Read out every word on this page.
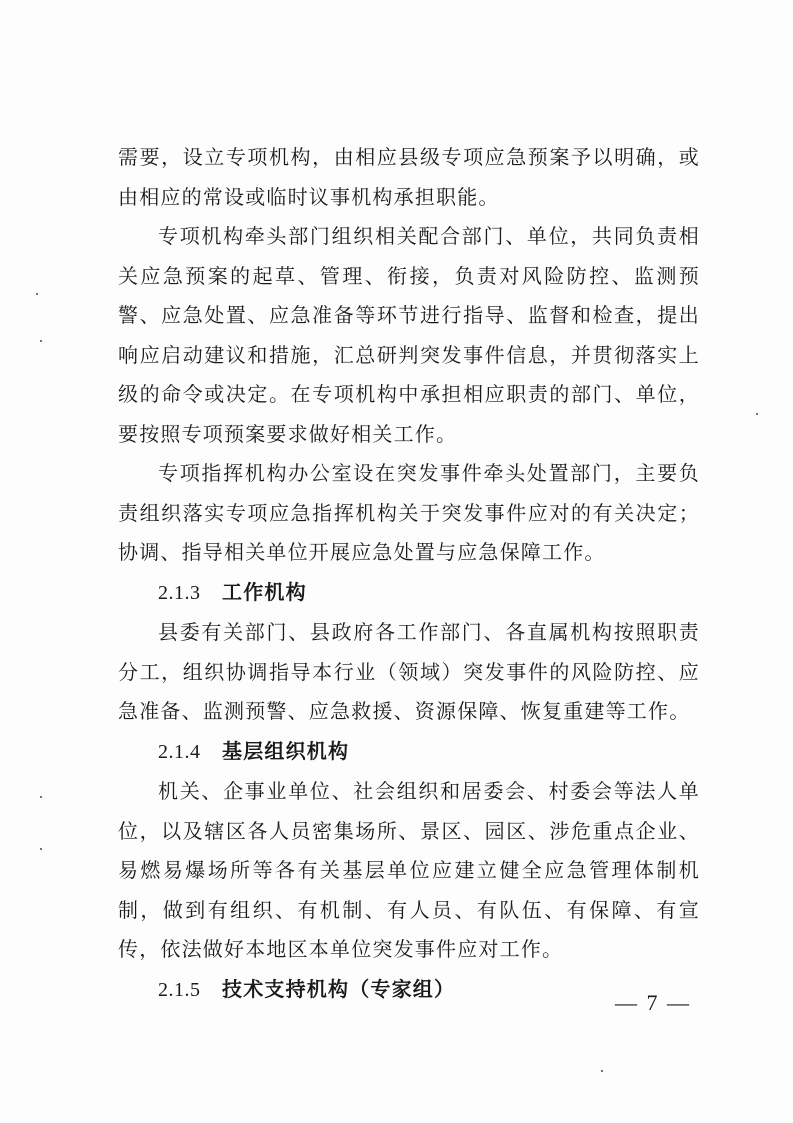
需要，设立专项机构，由相应县级专项应急预案予以明确，或由相应的常设或临时议事机构承担职能。

专项机构牵头部门组织相关配合部门、单位，共同负责相关应急预案的起草、管理、衔接，负责对风险防控、监测预警、应急处置、应急准备等环节进行指导、监督和检查，提出响应启动建议和措施，汇总研判突发事件信息，并贯彻落实上级的命令或决定。在专项机构中承担相应职责的部门、单位，要按照专项预案要求做好相关工作。

专项指挥机构办公室设在突发事件牵头处置部门，主要负责组织落实专项应急指挥机构关于突发事件应对的有关决定；协调、指导相关单位开展应急处置与应急保障工作。

2.1.3 工作机构

县委有关部门、县政府各工作部门、各直属机构按照职责分工，组织协调指导本行业（领域）突发事件的风险防控、应急准备、监测预警、应急救援、资源保障、恢复重建等工作。

2.1.4 基层组织机构

机关、企事业单位、社会组织和居委会、村委会等法人单位，以及辖区各人员密集场所、景区、园区、涉危重点企业、易燃易爆场所等各有关基层单位应建立健全应急管理体制机制，做到有组织、有机制、有人员、有队伍、有保障、有宣传，依法做好本地区本单位突发事件应对工作。

2.1.5 技术支持机构（专家组）

— 7 —
